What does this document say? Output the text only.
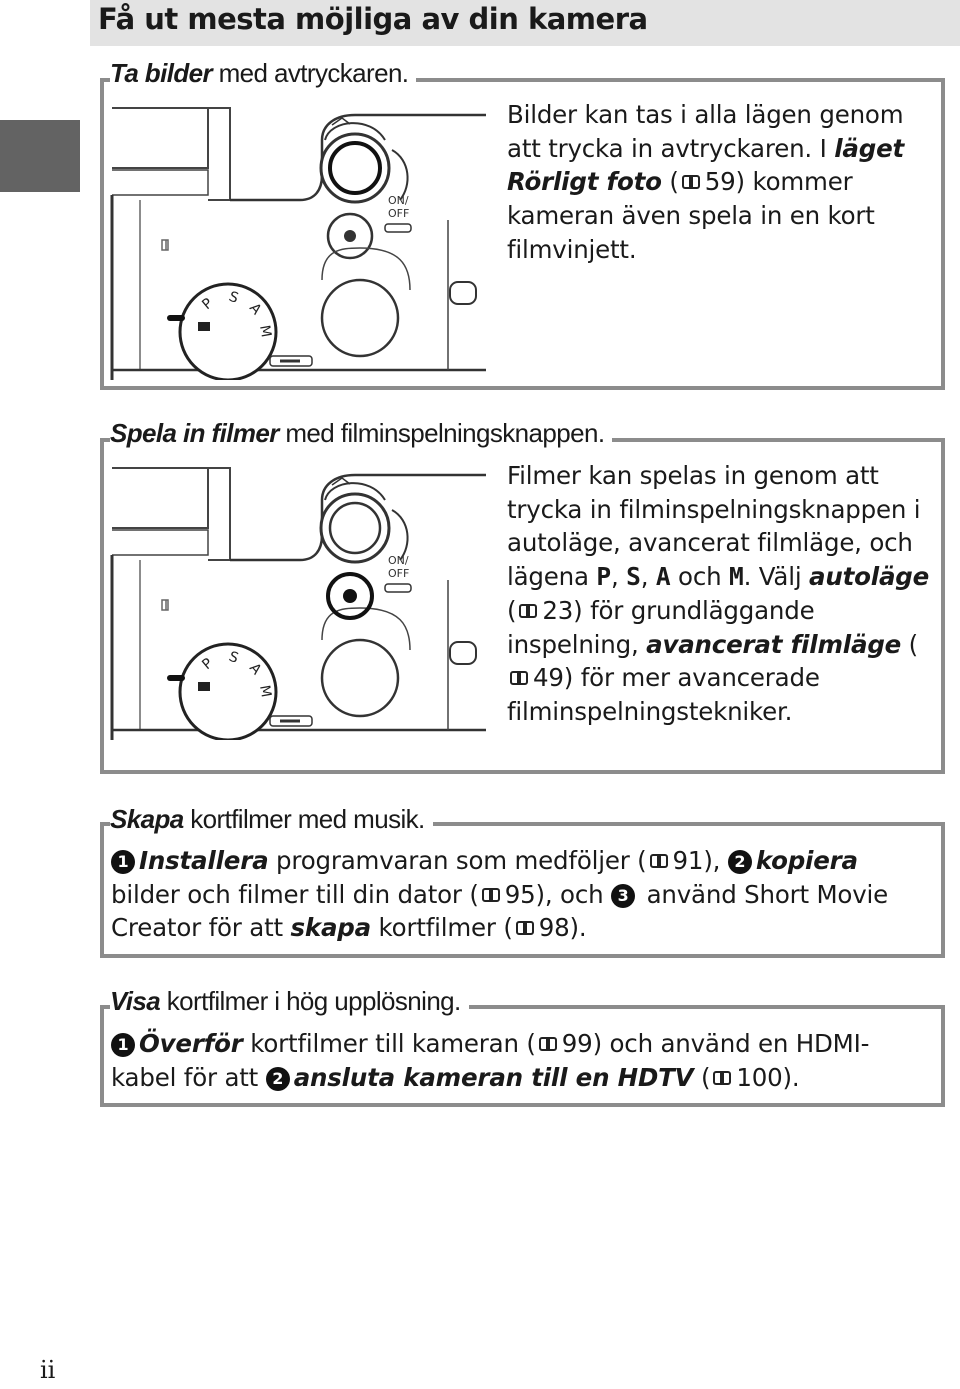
Få ut mesta möjliga av din kamera
Ta bilder med avtryckaren.
Bilder kan tas i alla lägen genom att trycka in avtryckaren. I läget Rörligt foto ( 59) kommer kameran även spela in en kort filmvinjett.
Spela in filmer med filminspelningsknappen.
Filmer kan spelas in genom att trycka in filminspelningsknappen i autoläge, avancerat filmläge, och lägena P, S, A och M. Välj autoläge ( 23) för grundläggande inspelning, avancerat filmläge (49) för mer avancerade filminspelningstekniker.
Skapa kortfilmer med musik.
1 Installera programvaran som medföljer ( 91), 2 kopiera bilder och filmer till din dator ( 95), och 3 använd Short Movie Creator för att skapa kortfilmer ( 98).
Visa kortfilmer i hög upplösning.
1 Överför kortfilmer till kameran ( 99) och använd en HDMI-kabel för att 2 ansluta kameran till en HDTV ( 100).
ii
